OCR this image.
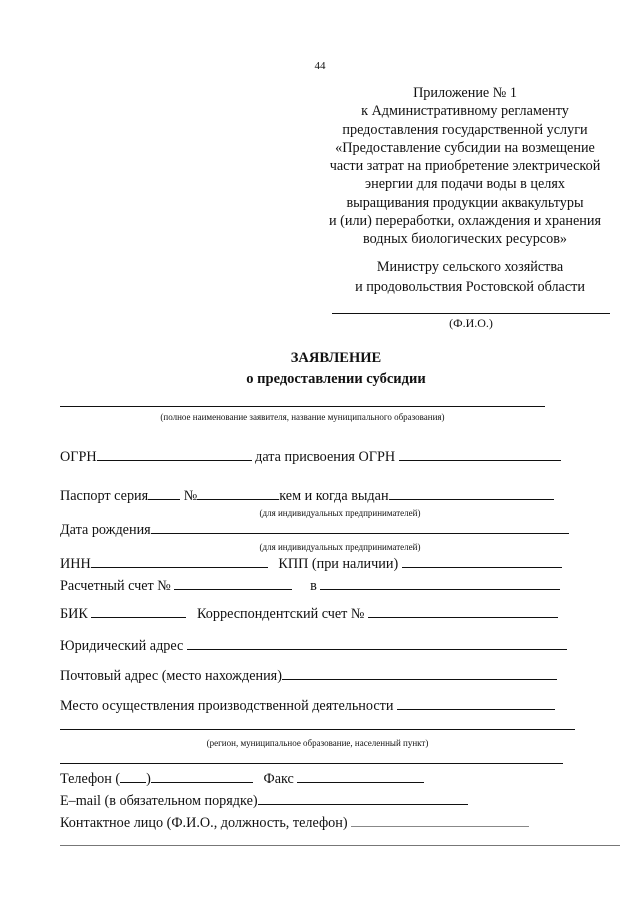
44
Приложение № 1
к Административному регламенту
предоставления государственной услуги
«Предоставление субсидии на возмещение
части затрат на приобретение электрической
энергии для подачи воды в целях
выращивания продукции аквакультуры
и (или) переработки, охлаждения и хранения
водных биологических ресурсов»
Министру сельского хозяйства
и продовольствия Ростовской области
(Ф.И.О.)
ЗАЯВЛЕНИЕ
о предоставлении субсидии
(полное наименование заявителя, название муниципального образования)
ОГРН	дата присвоения ОГРН
Паспорт серия	№	кем и когда выдан
(для индивидуальных предпринимателей)
Дата рождения
(для индивидуальных предпринимателей)
ИНН	КПП (при наличии)
Расчетный счет №	в
БИК	Корреспондентский счет №
Юридический адрес
Почтовый адрес (место нахождения)
Место осуществления производственной деятельности
(регион, муниципальное образование, населенный пункт)
Телефон ( )	Факс
E–mail (в обязательном порядке)
Контактное лицо (Ф.И.О., должность, телефон)
